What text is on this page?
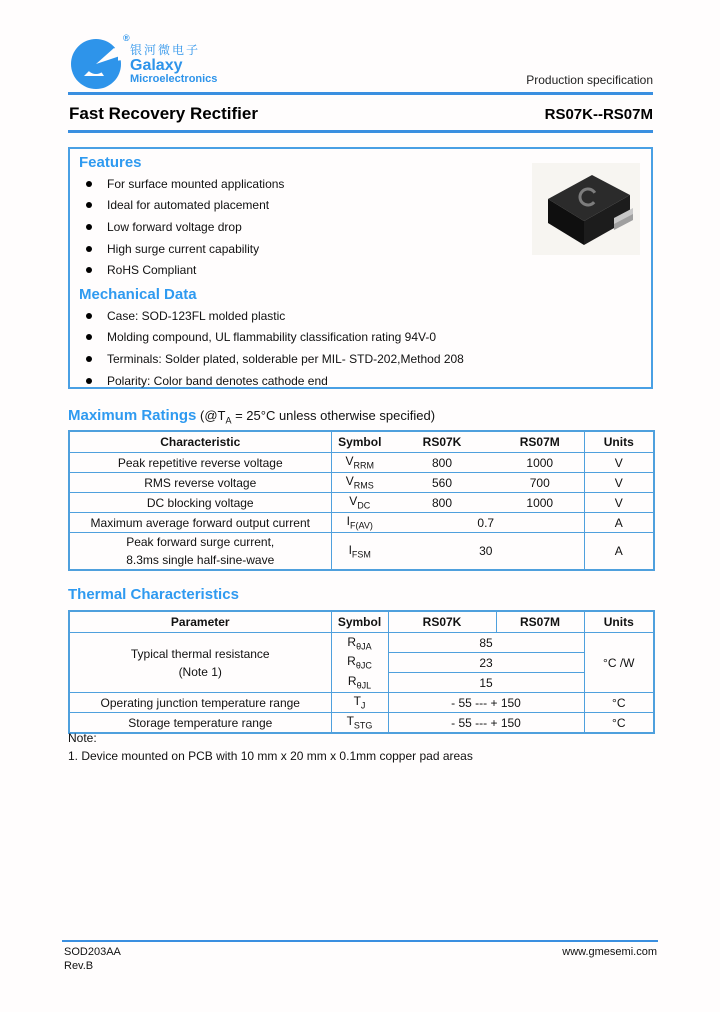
®
银河微电子
Galaxy
Microelectronics	Production specification
Fast Recovery Rectifier	RS07K--RS07M
Features
For surface mounted applications
Ideal for automated placement
Low forward voltage drop
High surge current capability
RoHS Compliant
Mechanical Data
Case: SOD-123FL molded plastic
Molding compound, UL flammability classification rating 94V-0
Terminals: Solder plated, solderable per MIL- STD-202,Method 208
Polarity: Color band denotes cathode end
Maximum Ratings ($@T_A = 25^\circ C$ unless otherwise specified)
Characteristic	Symbol	RS07K	RS07M	Units
Peak repetitive reverse voltage	$V_{RRM}$	800	1000	V
RMS reverse voltage	$V_{RMS}$	560	700	V
DC blocking voltage	$V_{DC}$	800	1000	V
Maximum average forward output current	$I_{F(AV)}$	0.7		A
Peak forward surge current,
8.3ms single half-sine-wave	$I_{FSM}$	30		A
Thermal Characteristics
Parameter	Symbol	RS07K	RS07M	Units
Typical thermal resistance
(Note 1)	$R_{\theta JA}$	85		°C /W
	$R_{\theta JC}$	23		
	$R_{\theta JL}$	15		
Operating junction temperature range	$T_J$	- 55 --- + 150		°C
Storage temperature range	$T_{STG}$	- 55 --- + 150		°C
Note:
1. Device mounted on PCB with 10 mm x 20 mm x 0.1mm copper pad areas
SOD203AA
Rev.B
www.gmesemi.com
